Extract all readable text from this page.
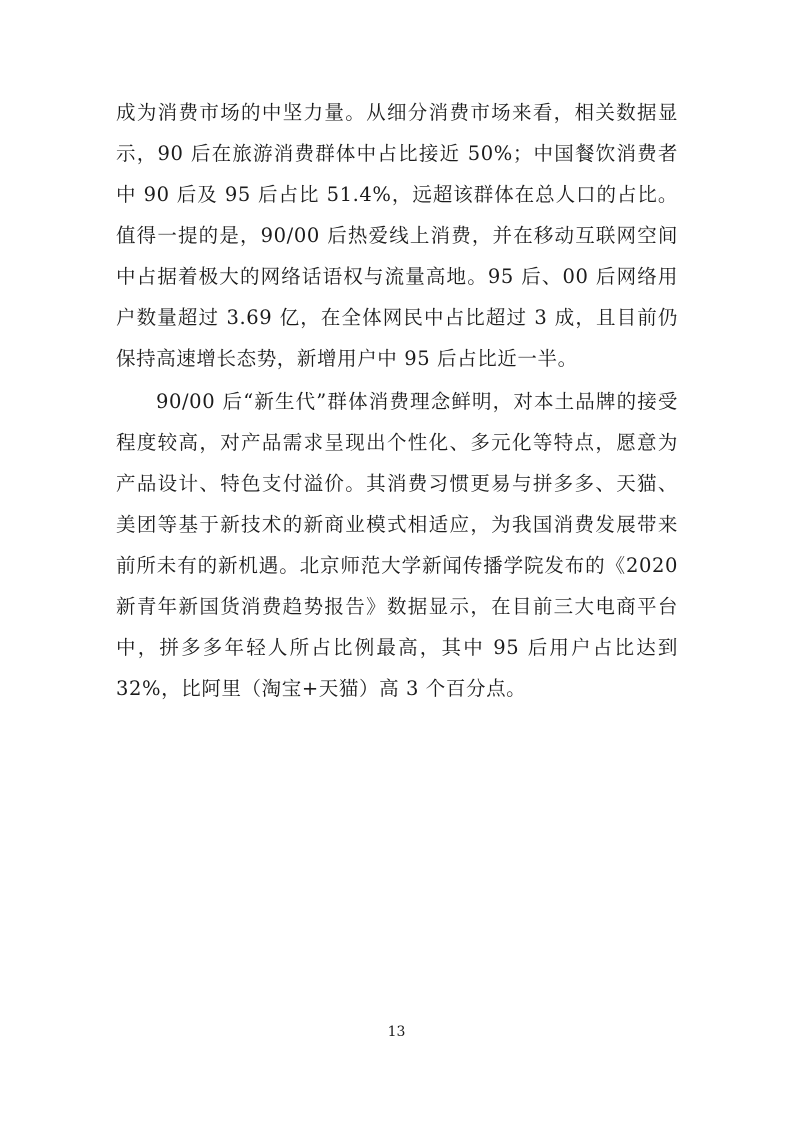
成为消费市场的中坚力量。从细分消费市场来看，相关数据显示，90 后在旅游消费群体中占比接近 50%；中国餐饮消费者中 90 后及 95 后占比 51.4%，远超该群体在总人口的占比。值得一提的是，90/00 后热爱线上消费，并在移动互联网空间中占据着极大的网络话语权与流量高地。95 后、00 后网络用户数量超过 3.69 亿，在全体网民中占比超过 3 成，且目前仍保持高速增长态势，新增用户中 95 后占比近一半。

90/00 后“新生代”群体消费理念鲜明，对本土品牌的接受程度较高，对产品需求呈现出个性化、多元化等特点，愿意为产品设计、特色支付溢价。其消费习惯更易与拼多多、天猫、美团等基于新技术的新商业模式相适应，为我国消费发展带来前所未有的新机遇。北京师范大学新闻传播学院发布的《2020 新青年新国货消费趋势报告》数据显示，在目前三大电商平台中，拼多多年轻人所占比例最高，其中 95 后用户占比达到 32%，比阿里（淘宝+天猫）高 3 个百分点。

13
